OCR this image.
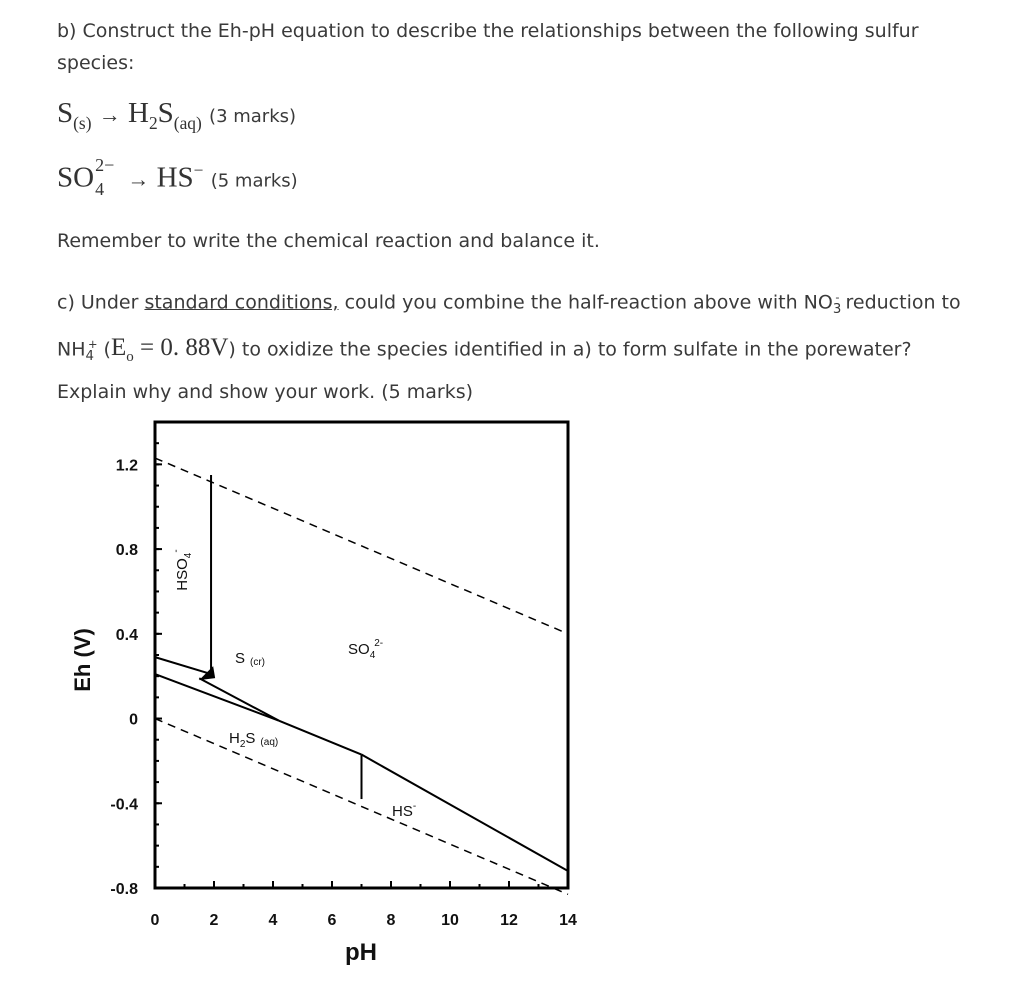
b) Construct the Eh-pH equation to describe the relationships between the following sulfur species:
$S_{(s)} \to H_2S_{(aq)}$ (3 marks)
SO 2−
4 → HS− (5 marks)
Remember to write the chemical reaction and balance it.
c) Under standard conditions, could you combine the half-reaction above with $NO_3^-$ reduction to
$NH_4^+$ ($E_o = 0$. 88V) to oxidize the species identified in a) to form sulfate in the porewater?
Explain why and show your work. (5 marks)
0	2	4	6	8	10	12	14
1.2
0.8
0.4
0
-0.4
-0.8
pH
Eh (V)
$HSO_4^-$
S (cr)
$SO_42-$
$H_2S$ (aq)
HS-
